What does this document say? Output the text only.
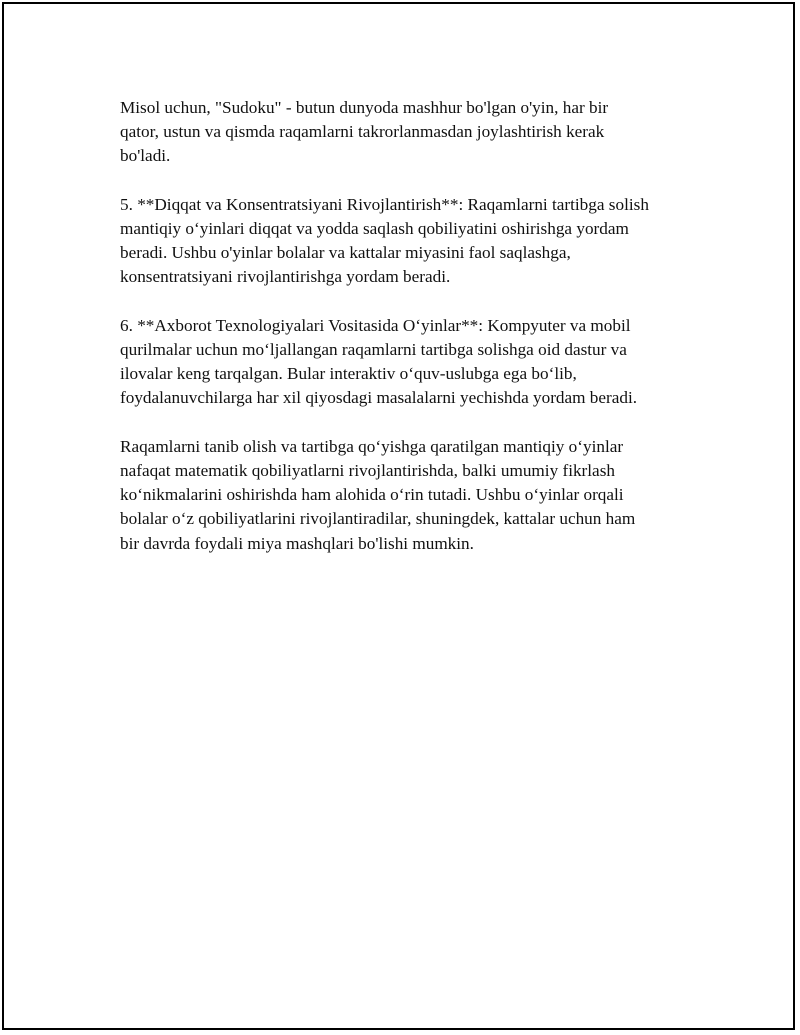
Misol uchun, "Sudoku" - butun dunyoda mashhur bo'lgan o'yin, har bir
qator, ustun va qismda raqamlarni takrorlanmasdan joylashtirish kerak
bo'ladi.

5. **Diqqat va Konsentratsiyani Rivojlantirish**: Raqamlarni tartibga solish
mantiqiy o‘yinlari diqqat va yodda saqlash qobiliyatini oshirishga yordam
beradi. Ushbu o'yinlar bolalar va kattalar miyasini faol saqlashga,
konsentratsiyani rivojlantirishga yordam beradi.

6. **Axborot Texnologiyalari Vositasida O‘yinlar**: Kompyuter va mobil
qurilmalar uchun mo‘ljallangan raqamlarni tartibga solishga oid dastur va
ilovalar keng tarqalgan. Bular interaktiv o‘quv-uslubga ega bo‘lib,
foydalanuvchilarga har xil qiyosdagi masalalarni yechishda yordam beradi.

Raqamlarni tanib olish va tartibga qo‘yishga qaratilgan mantiqiy o‘yinlar
nafaqat matematik qobiliyatlarni rivojlantirishda, balki umumiy fikrlash
ko‘nikmalarini oshirishda ham alohida o‘rin tutadi. Ushbu o‘yinlar orqali
bolalar o‘z qobiliyatlarini rivojlantiradilar, shuningdek, kattalar uchun ham
bir davrda foydali miya mashqlari bo'lishi mumkin.
